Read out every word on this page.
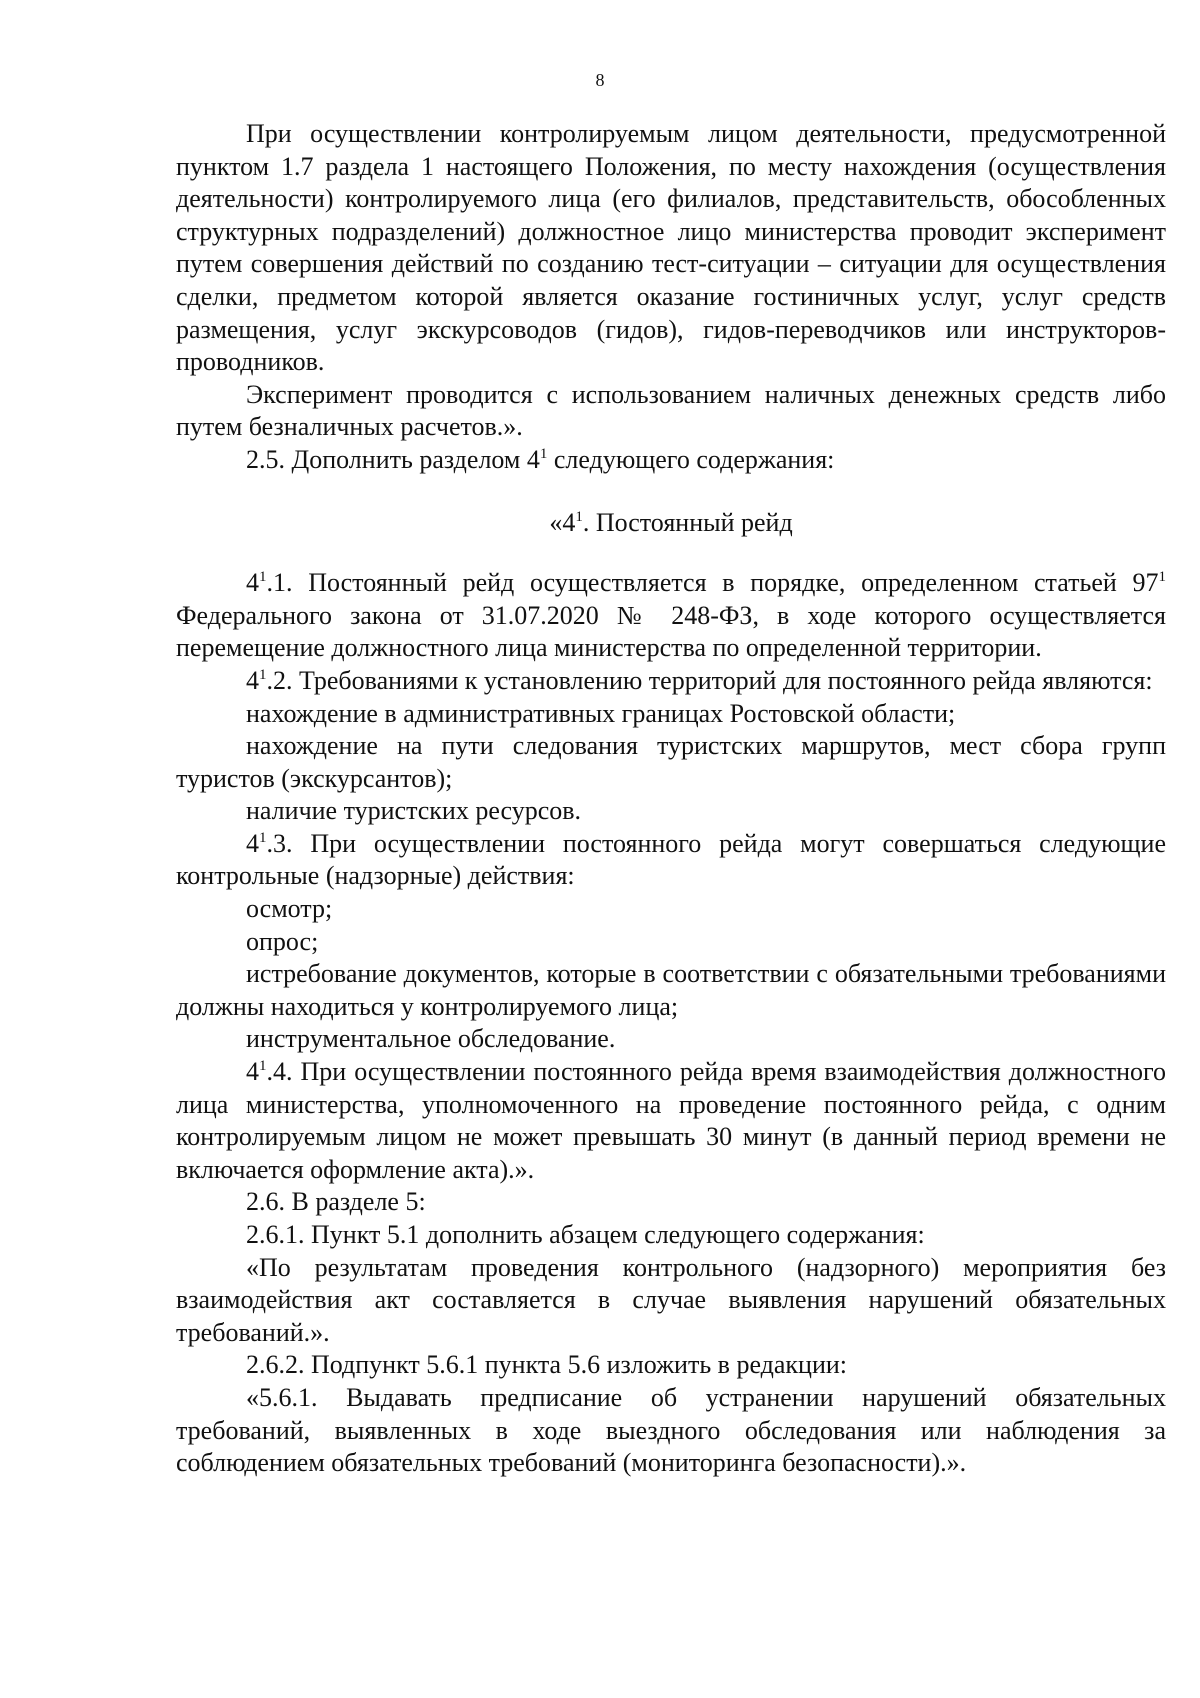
8

При осуществлении контролируемым лицом деятельности, предусмотренной пунктом 1.7 раздела 1 настоящего Положения, по месту нахождения (осуществления деятельности) контролируемого лица (его филиалов, представительств, обособленных структурных подразделений) должностное лицо министерства проводит эксперимент путем совершения действий по созданию тест-ситуации – ситуации для осуществления сделки, предметом которой является оказание гостиничных услуг, услуг средств размещения, услуг экскурсоводов (гидов), гидов-переводчиков или инструкторов-проводников.

Эксперимент проводится с использованием наличных денежных средств либо путем безналичных расчетов.».

2.5. Дополнить разделом $4^1$ следующего содержания:

«$4^1$. Постоянный рейд

$4^1.1$. Постоянный рейд осуществляется в порядке, определенном статьей $97^1$ Федерального закона от 31.07.2020 № 248-ФЗ, в ходе которого осуществляется перемещение должностного лица министерства по определенной территории.

$4^1.2$. Требованиями к установлению территорий для постоянного рейда являются:

нахождение в административных границах Ростовской области;

нахождение на пути следования туристских маршрутов, мест сбора групп туристов (экскурсантов);

наличие туристских ресурсов.

$4^1.3$. При осуществлении постоянного рейда могут совершаться следующие контрольные (надзорные) действия:

осмотр;

опрос;

истребование документов, которые в соответствии с обязательными требованиями должны находиться у контролируемого лица;

инструментальное обследование.

$4^1.4$. При осуществлении постоянного рейда время взаимодействия должностного лица министерства, уполномоченного на проведение постоянного рейда, с одним контролируемым лицом не может превышать 30 минут (в данный период времени не включается оформление акта).».

2.6. В разделе 5:

2.6.1. Пункт 5.1 дополнить абзацем следующего содержания:

«По результатам проведения контрольного (надзорного) мероприятия без взаимодействия акт составляется в случае выявления нарушений обязательных требований.».

2.6.2. Подпункт 5.6.1 пункта 5.6 изложить в редакции:

«5.6.1. Выдавать предписание об устранении нарушений обязательных требований, выявленных в ходе выездного обследования или наблюдения за соблюдением обязательных требований (мониторинга безопасности).».
